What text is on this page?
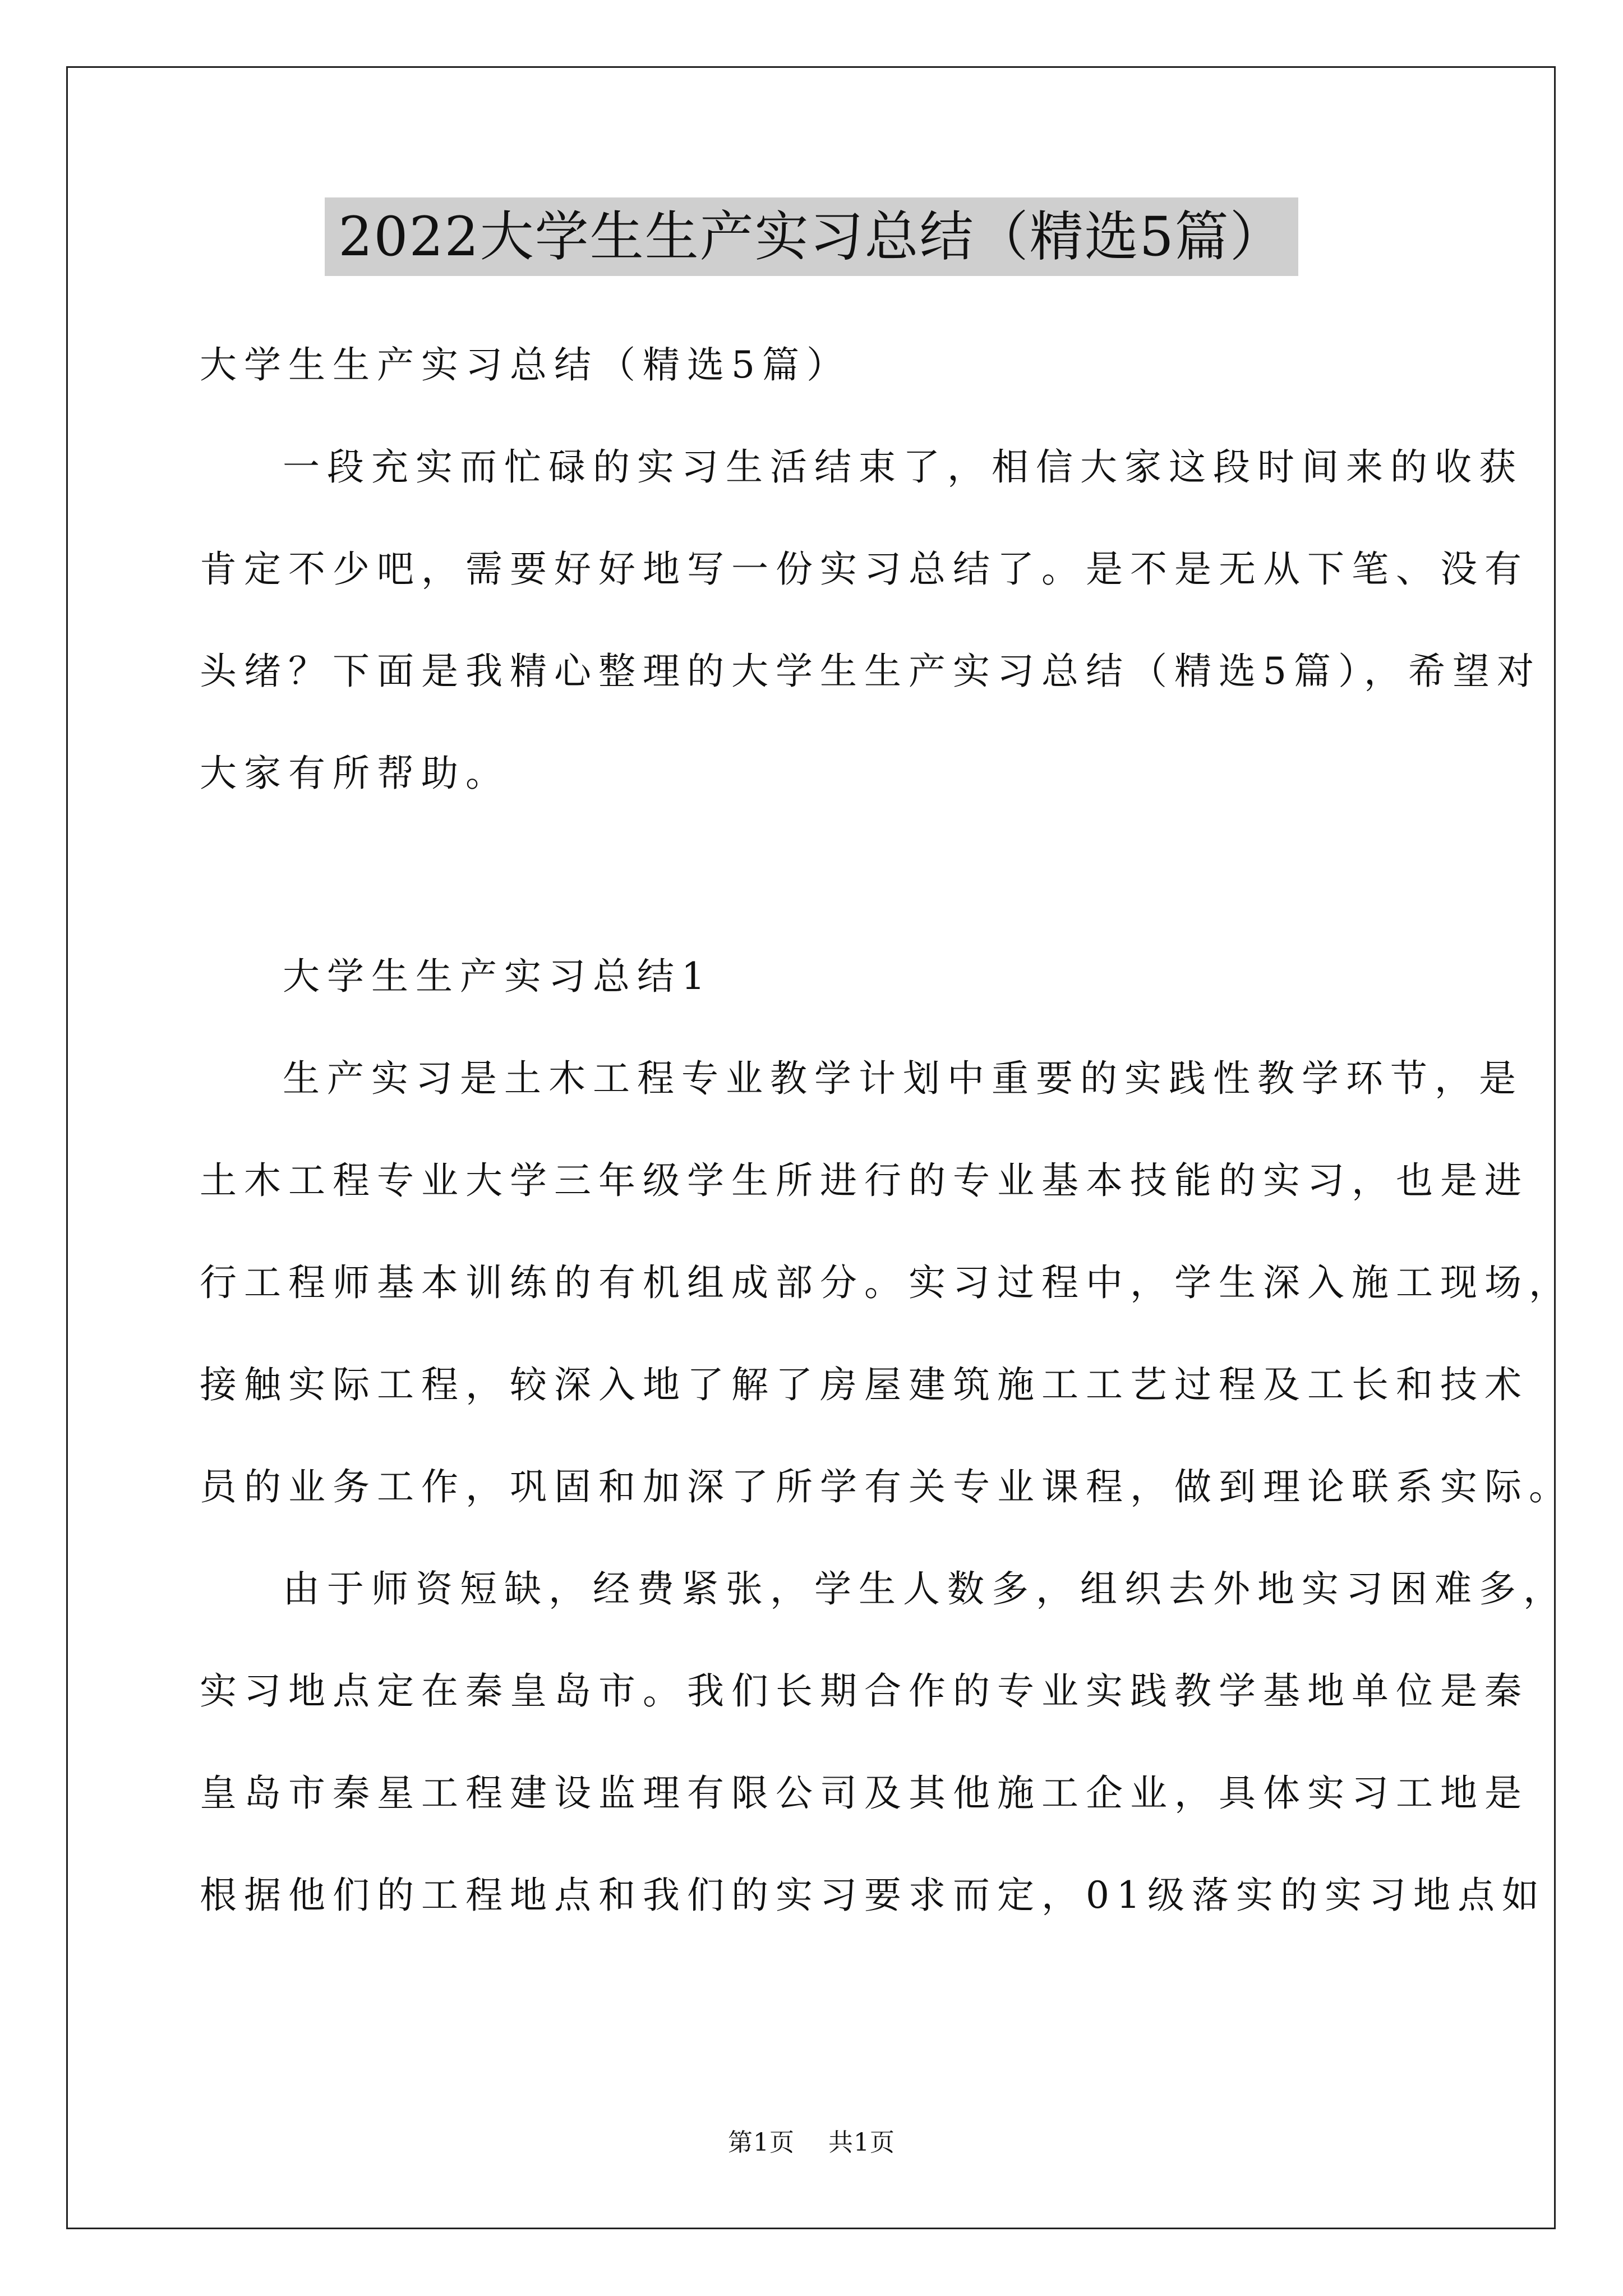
2022大学生生产实习总结（精选5篇）

大学生生产实习总结（精选5篇）

一段充实而忙碌的实习生活结束了，相信大家这段时间来的收获

肯定不少吧，需要好好地写一份实习总结了。是不是无从下笔、没有

头绪？下面是我精心整理的大学生生产实习总结（精选5篇），希望对

大家有所帮助。

大学生生产实习总结1

生产实习是土木工程专业教学计划中重要的实践性教学环节，是

土木工程专业大学三年级学生所进行的专业基本技能的实习，也是进

行工程师基本训练的有机组成部分。实习过程中，学生深入施工现场，

接触实际工程，较深入地了解了房屋建筑施工工艺过程及工长和技术

员的业务工作，巩固和加深了所学有关专业课程，做到理论联系实际。

由于师资短缺，经费紧张，学生人数多，组织去外地实习困难多，

实习地点定在秦皇岛市。我们长期合作的专业实践教学基地单位是秦

皇岛市秦星工程建设监理有限公司及其他施工企业，具体实习工地是

根据他们的工程地点和我们的实习要求而定，01级落实的实习地点如

第1页 共1页
